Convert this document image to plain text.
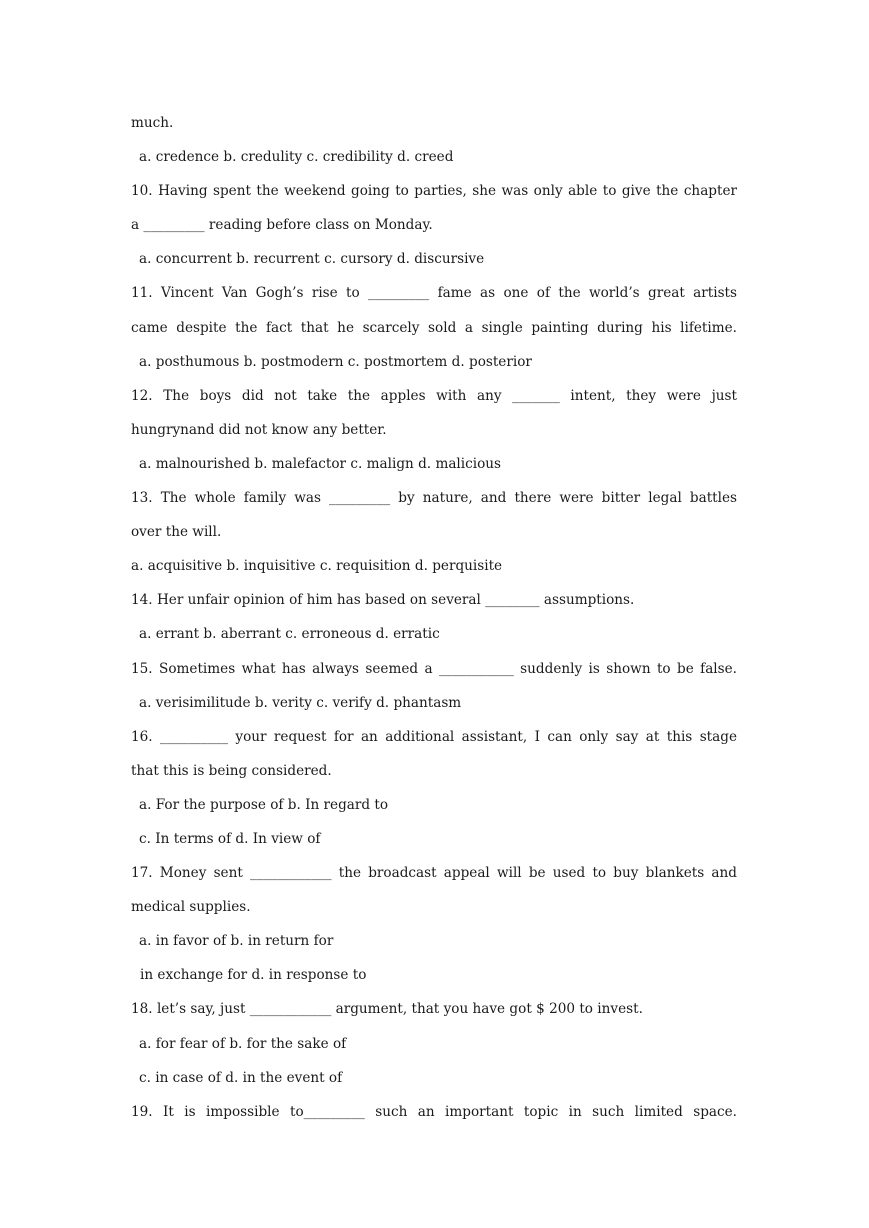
much.
a. credence b. credulity c. credibility d. creed
10. Having spent the weekend going to parties, she was only able to give the chapter
a _________ reading before class on Monday.
a. concurrent b. recurrent c. cursory d. discursive
11. Vincent Van Gogh’s rise to _________ fame as one of the world’s great artists
came despite the fact that he scarcely sold a single painting during his lifetime.
a. posthumous b. postmodern c. postmortem d. posterior
12. The boys did not take the apples with any _______ intent, they were just
hungrynand did not know any better.
a. malnourished b. malefactor c. malign d. malicious
13. The whole family was _________ by nature, and there were bitter legal battles
over the will.
a. acquisitive b. inquisitive c. requisition d. perquisite
14. Her unfair opinion of him has based on several ________ assumptions.
a. errant b. aberrant c. erroneous d. erratic
15. Sometimes what has always seemed a ___________ suddenly is shown to be false.
a. verisimilitude b. verity c. verify d. phantasm
16. __________ your request for an additional assistant, I can only say at this stage
that this is being considered.
a. For the purpose of b. In regard to
c. In terms of d. In view of
17. Money sent ____________ the broadcast appeal will be used to buy blankets and
medical supplies.
a. in favor of b. in return for
in exchange for d. in response to
18. let’s say, just ____________ argument, that you have got $ 200 to invest.
a. for fear of b. for the sake of
c. in case of d. in the event of
19. It is impossible to_________ such an important topic in such limited space.
